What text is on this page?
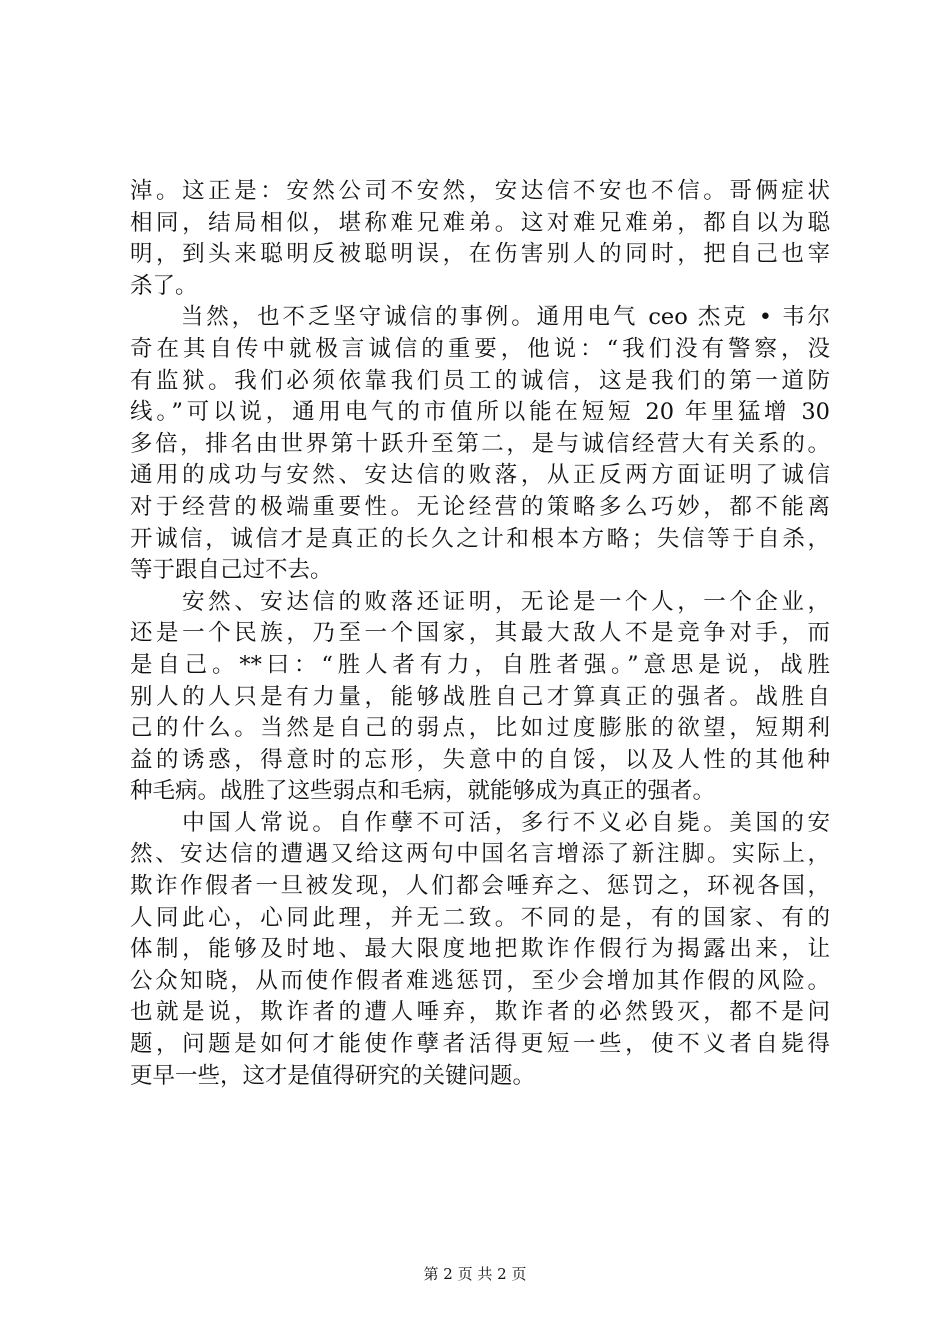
淖。这正是：安然公司不安然，安达信不安也不信。哥俩症状
相同，结局相似，堪称难兄难弟。这对难兄难弟，都自以为聪
明，到头来聪明反被聪明误，在伤害别人的同时，把自己也宰
杀了。
　　当然，也不乏坚守诚信的事例。通用电气 ceo 杰克 • 韦尔
奇在其自传中就极言诚信的重要，他说：“我们没有警察，没
有监狱。我们必须依靠我们员工的诚信，这是我们的第一道防
线。”可以说，通用电气的市值所以能在短短 20 年里猛增 30
多倍，排名由世界第十跃升至第二，是与诚信经营大有关系的。
通用的成功与安然、安达信的败落，从正反两方面证明了诚信
对于经营的极端重要性。无论经营的策略多么巧妙，都不能离
开诚信，诚信才是真正的长久之计和根本方略；失信等于自杀，
等于跟自己过不去。
　　安然、安达信的败落还证明，无论是一个人，一个企业，
还是一个民族，乃至一个国家，其最大敌人不是竞争对手，而
是自己。**曰：“胜人者有力，自胜者强。”意思是说，战胜
别人的人只是有力量，能够战胜自己才算真正的强者。战胜自
己的什么。当然是自己的弱点，比如过度膨胀的欲望，短期利
益的诱惑，得意时的忘形，失意中的自馁，以及人性的其他种
种毛病。战胜了这些弱点和毛病，就能够成为真正的强者。
　　中国人常说。自作孽不可活，多行不义必自毙。美国的安
然、安达信的遭遇又给这两句中国名言增添了新注脚。实际上，
欺诈作假者一旦被发现，人们都会唾弃之、惩罚之，环视各国，
人同此心，心同此理，并无二致。不同的是，有的国家、有的
体制，能够及时地、最大限度地把欺诈作假行为揭露出来，让
公众知晓，从而使作假者难逃惩罚，至少会增加其作假的风险。
也就是说，欺诈者的遭人唾弃，欺诈者的必然毁灭，都不是问
题，问题是如何才能使作孽者活得更短一些，使不义者自毙得
更早一些，这才是值得研究的关键问题。
第 2 页 共 2 页
